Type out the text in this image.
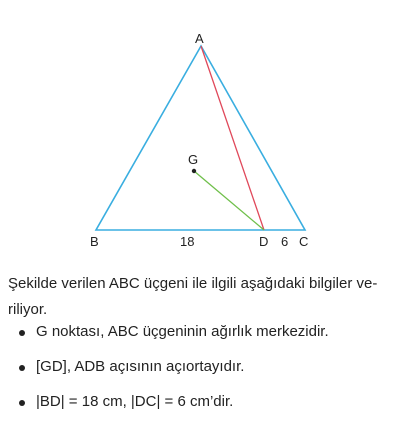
A
G
B	18	D 6 C

Şekilde verilen ABC üçgeni ile ilgili aşağıdaki bilgiler ve-riliyor.

G noktası, ABC üçgeninin ağırlık merkezidir.
[GD], ADB açısının açıortayıdır.
|BD| = 18 cm, |DC| = 6 cm’dir.
